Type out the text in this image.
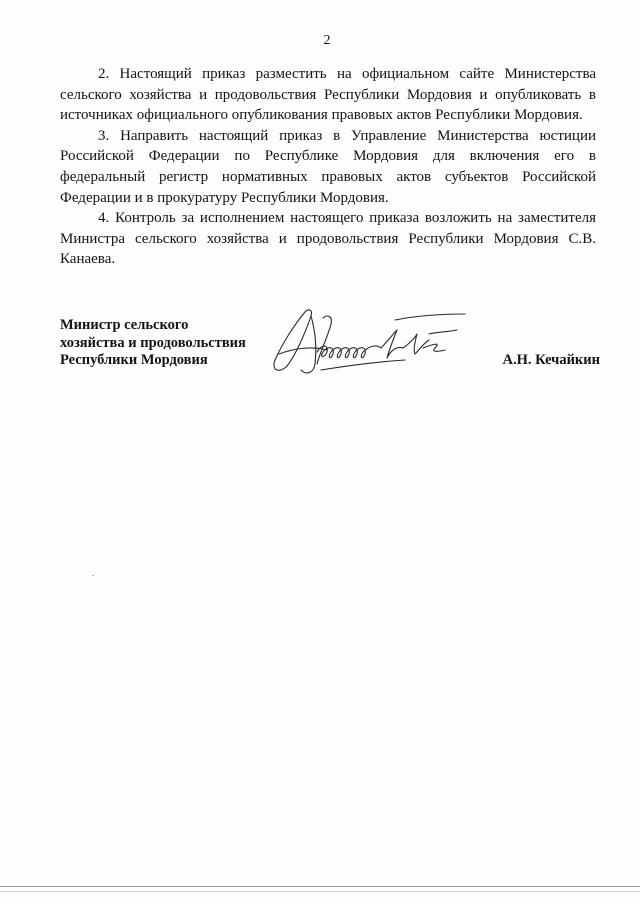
2

2. Настоящий приказ разместить на официальном сайте Министерства сельского хозяйства и продовольствия Республики Мордовия и опубликовать в источниках официального опубликования правовых актов Республики Мордовия.

3. Направить настоящий приказ в Управление Министерства юстиции Российской Федерации по Республике Мордовия для включения его в федеральный регистр нормативных правовых актов субъектов Российской Федерации и в прокуратуру Республики Мордовия.

4. Контроль за исполнением настоящего приказа возложить на заместителя Министра сельского хозяйства и продовольствия Республики Мордовия С.В. Канаева.

Министр сельского
хозяйства и продовольствия
Республики Мордовия	А.Н. Кечайкин
